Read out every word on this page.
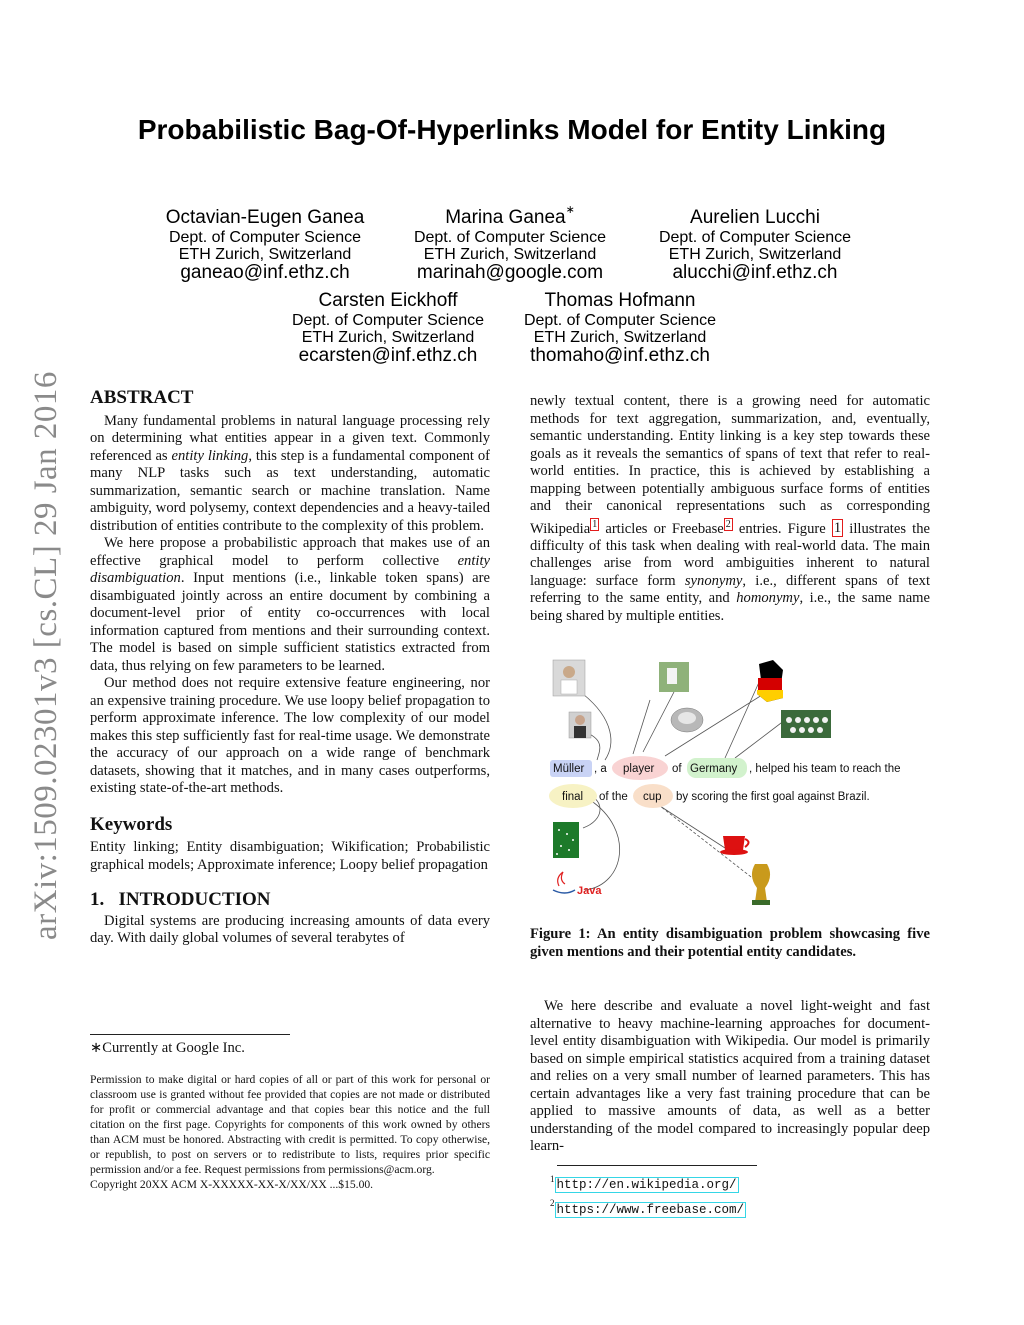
arXiv:1509.02301v3 [cs.CL] 29 Jan 2016
Probabilistic Bag-Of-Hyperlinks Model for Entity Linking
Octavian-Eugen Ganea
Dept. of Computer Science
ETH Zurich, Switzerland
ganeao@inf.ethz.ch
Marina Ganea∗
Dept. of Computer Science
ETH Zurich, Switzerland
marinah@google.com
Aurelien Lucchi
Dept. of Computer Science
ETH Zurich, Switzerland
alucchi@inf.ethz.ch
Carsten Eickhoff
Dept. of Computer Science
ETH Zurich, Switzerland
ecarsten@inf.ethz.ch
Thomas Hofmann
Dept. of Computer Science
ETH Zurich, Switzerland
thomaho@inf.ethz.ch
ABSTRACT

Many fundamental problems in natural language processing rely on determining what entities appear in a given text. Commonly referenced as entity linking, this step is a fundamental component of many NLP tasks such as text understanding, automatic summarization, semantic search or machine translation. Name ambiguity, word polysemy, context dependencies and a heavy-tailed distribution of entities contribute to the complexity of this problem.

We here propose a probabilistic approach that makes use of an effective graphical model to perform collective entity disambiguation. Input mentions (i.e., linkable token spans) are disambiguated jointly across an entire document by combining a document-level prior of entity co-occurrences with local information captured from mentions and their surrounding context. The model is based on simple sufficient statistics extracted from data, thus relying on few parameters to be learned.

Our method does not require extensive feature engineering, nor an expensive training procedure. We use loopy belief propagation to perform approximate inference. The low complexity of our model makes this step sufficiently fast for real-time usage. We demonstrate the accuracy of our approach on a wide range of benchmark datasets, showing that it matches, and in many cases outperforms, existing state-of-the-art methods.

Keywords

Entity linking; Entity disambiguation; Wikification; Probabilistic graphical models; Approximate inference; Loopy belief propagation

1.   INTRODUCTION

Digital systems are producing increasing amounts of data every day. With daily global volumes of several terabytes of

∗Currently at Google Inc.
Permission to make digital or hard copies of all or part of this work for personal or classroom use is granted without fee provided that copies are not made or distributed for profit or commercial advantage and that copies bear this notice and the full citation on the first page. Copyrights for components of this work owned by others than ACM must be honored. Abstracting with credit is permitted. To copy otherwise, or republish, to post on servers or to redistribute to lists, requires prior specific permission and/or a fee. Request permissions from permissions@acm.org.
Copyright 20XX ACM X-XXXXX-XX-X/XX/XX ...$15.00.

newly textual content, there is a growing need for automatic methods for text aggregation, summarization, and, eventually, semantic understanding. Entity linking is a key step towards these goals as it reveals the semantics of spans of text that refer to real-world entities. In practice, this is achieved by establishing a mapping between potentially ambiguous surface forms of entities and their canonical representations such as corresponding Wikipedia $^1$ articles or Freebase $^2$ entries. Figure 1 illustrates the difficulty of this task when dealing with real-world data. The main challenges arise from word ambiguities inherent to natural language: surface form synonymy, i.e., different spans of text referring to the same entity, and homonymy, i.e., the same name being shared by multiple entities.

Java
Müller , a player of Germany , helped his team to reach the
final of the cup by scoring the first goal against Brazil.
Figure 1: An entity disambiguation problem showcasing five given mentions and their potential entity candidates.

We here describe and evaluate a novel light-weight and fast alternative to heavy machine-learning approaches for document-level entity disambiguation with Wikipedia. Our model is primarily based on simple empirical statistics acquired from a training dataset and relies on a very small number of learned parameters. This has certain advantages like a very fast training procedure that can be applied to massive amounts of data, as well as a better understanding of the model compared to increasingly popular deep learn-

$^1$ http://en.wikipedia.org/
$^2$ https://www.freebase.com/
